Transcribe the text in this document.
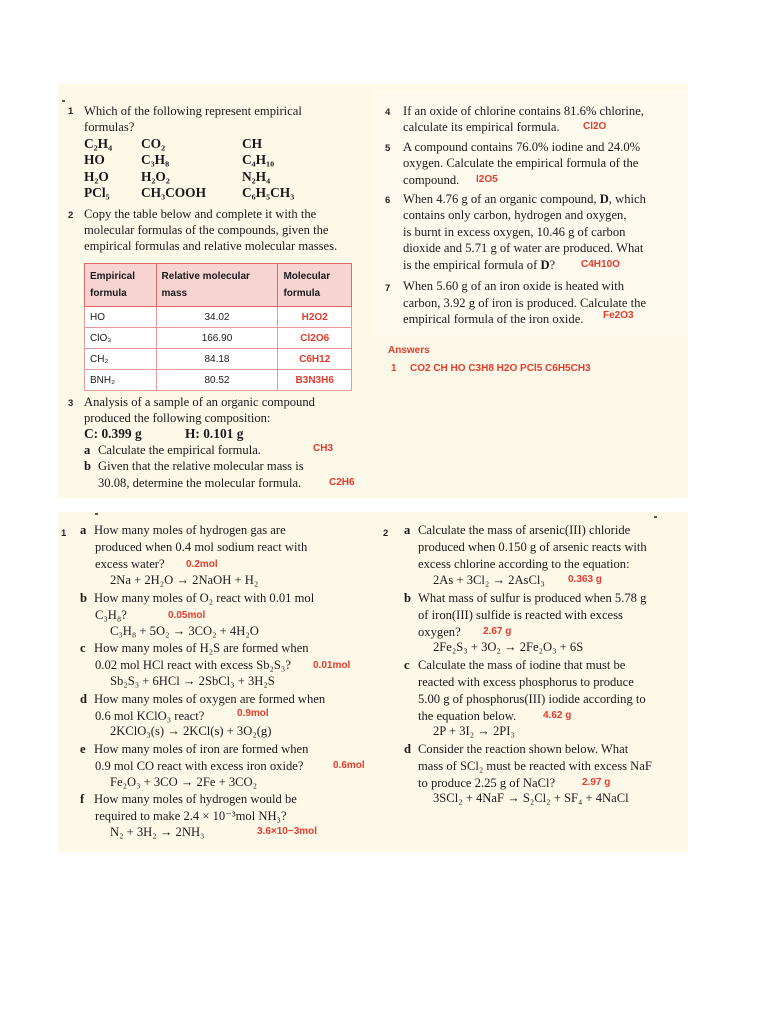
1 Which of the following represent empirical
formulas?
C₂H₄ CO₂	CH
HO	C₃H₈	C₄H₁₀
H₂O H₂O₂	N₂H₄
PCl₅ CH₃COOH	C₆H₅CH₃
2 Copy the table below and complete it with the
molecular formulas of the compounds, given the
empirical formulas and relative molecular masses.
Empirical formula	Relative molecular mass	Molecular formula
HO	34.02	H2O2
ClO₃	166.90	Cl2O6
CH₂	84.18	C6H12
BNH₂	80.52	B3N3H6
3 Analysis of a sample of an organic compound
produced the following composition:
C: 0.399 g	H: 0.101 g
a Calculate the empirical formula.	CH3
b Given that the relative molecular mass is
30.08, determine the molecular formula.	C2H6
4 If an oxide of chlorine contains 81.6% chlorine,
calculate its empirical formula. Cl2O
5 A compound contains 76.0% iodine and 24.0%
oxygen. Calculate the empirical formula of the
compound. I2O5
6 When 4.76 g of an organic compound, D, which
contains only carbon, hydrogen and oxygen,
is burnt in excess oxygen, 10.46 g of carbon
dioxide and 5.71 g of water are produced. What
is the empirical formula of D?	C4H10O
7 When 5.60 g of an iron oxide is heated with
carbon, 3.92 g of iron is produced. Calculate the
empirical formula of the iron oxide. Fe2O3
Answers
1 CO2 CH HO C3H8 H2O PCl5 C6H5CH3
1 a How many moles of hydrogen gas are
produced when 0.4 mol sodium react with
excess water? 0.2mol
2Na + 2H₂O → 2NaOH + H₂
b How many moles of O₂ react with 0.01 mol
C₃H₈?	0.05mol
C₃H₈ + 5O₂ → 3CO₂ + 4H₂O
c How many moles of H₂S are formed when
0.02 mol HCl react with excess Sb₂S₃? 0.01mol
Sb₂S₃ + 6HCl → 2SbCl₃ + 3H₂S
d How many moles of oxygen are formed when
0.6 mol KClO₃ react?	0.9mol
2KClO₃(s) → 2KCl(s) + 3O₂(g)
e How many moles of iron are formed when
0.9 mol CO react with excess iron oxide?	0.6mol
Fe₂O₃ + 3CO → 2Fe + 3CO₂
f How many moles of hydrogen would be
required to make 2.4 × 10⁻³mol NH₃?
N₂ + 3H₂ → 2NH₃	3.6×10−3mol
2 a Calculate the mass of arsenic(III) chloride
produced when 0.150 g of arsenic reacts with
excess chlorine according to the equation:
2As + 3Cl₂ → 2AsCl₃ 0.363 g
b What mass of sulfur is produced when 5.78 g
of iron(III) sulfide is reacted with excess
oxygen? 2.67 g
2Fe₂S₃ + 3O₂ → 2Fe₂O₃ + 6S
c Calculate the mass of iodine that must be
reacted with excess phosphorus to produce
5.00 g of phosphorus(III) iodide according to
the equation below.	4.62 g
2P + 3I₂ → 2PI₃
d Consider the reaction shown below. What
mass of SCl₂ must be reacted with excess NaF
to produce 2.25 g of NaCl?	2.97 g
3SCl₂ + 4NaF → S₂Cl₂ + SF₄ + 4NaCl
